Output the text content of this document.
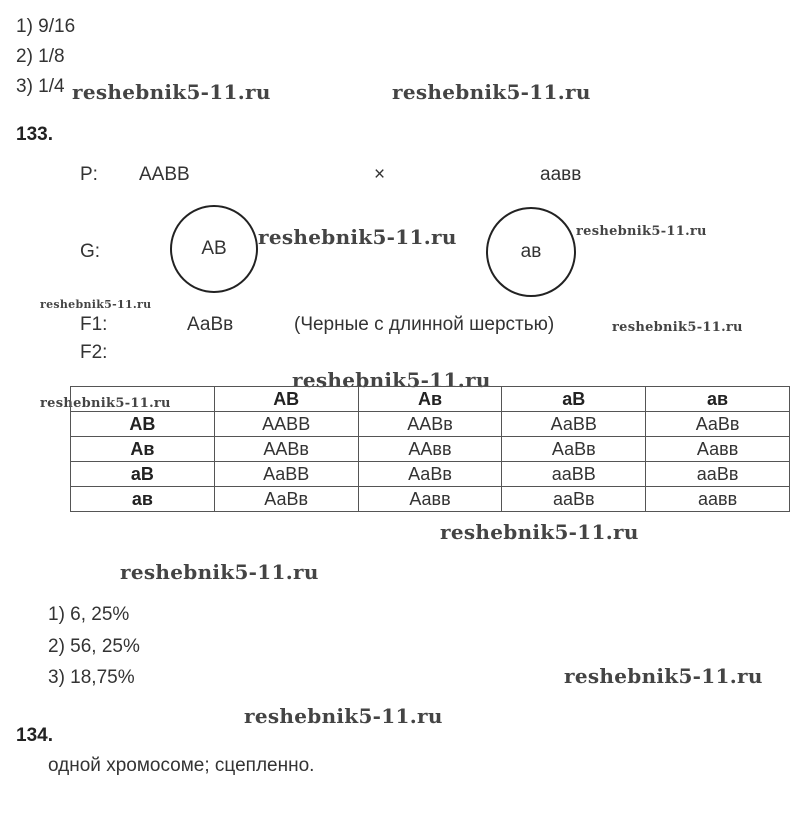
1) 9/16
2) 1/8
3) 1/4 reshebnik5-11.ru	reshebnik5-11.ru
reshebnik5-11.ru	reshebnik5-11.ru
reshebnik5-11.ru
reshebnik5-11.ru
reshebnik5-11.ru
reshebnik5-11.ru
reshebnik5-11.ru
reshebnik5-11.ru
reshebnik5-11.ru
reshebnik5-11.ru
133.
P: ААВВ	×	аавв
G:	АВ	ав
F1:	АаВв	(Черные с длинной шерстью)
F2:
	АВ	Ав	аВ	ав
АВ	ААВВ	ААВв	АаВВ	АаВв
Ав	ААВв	ААвв	АаВв	Аавв
аВ	АаВВ	АаВв	ааВВ	ааВв
ав	АаВв	Аавв	ааВв	аавв
1) 6, 25%
2) 56, 25%
3) 18,75%
134.
одной хромосоме; сцепленно.
